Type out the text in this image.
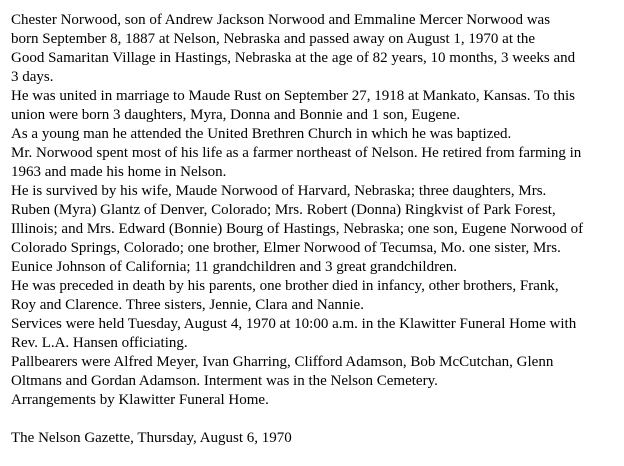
Chester Norwood, son of Andrew Jackson Norwood and Emmaline Mercer Norwood was
born September 8, 1887 at Nelson, Nebraska and passed away on August 1, 1970 at the
Good Samaritan Village in Hastings, Nebraska at the age of 82 years, 10 months, 3 weeks and
3 days.
He was united in marriage to Maude Rust on September 27, 1918 at Mankato, Kansas. To this
union were born 3 daughters, Myra, Donna and Bonnie and 1 son, Eugene.
As a young man he attended the United Brethren Church in which he was baptized.
Mr. Norwood spent most of his life as a farmer northeast of Nelson. He retired from farming in
1963 and made his home in Nelson.
He is survived by his wife, Maude Norwood of Harvard, Nebraska; three daughters, Mrs.
Ruben (Myra) Glantz of Denver, Colorado; Mrs. Robert (Donna) Ringkvist of Park Forest,
Illinois; and Mrs. Edward (Bonnie) Bourg of Hastings, Nebraska; one son, Eugene Norwood of
Colorado Springs, Colorado; one brother, Elmer Norwood of Tecumsa, Mo. one sister, Mrs.
Eunice Johnson of California; 11 grandchildren and 3 great grandchildren.
He was preceded in death by his parents, one brother died in infancy, other brothers, Frank,
Roy and Clarence. Three sisters, Jennie, Clara and Nannie.
Services were held Tuesday, August 4, 1970 at 10:00 a.m. in the Klawitter Funeral Home with
Rev. L.A. Hansen officiating.
Pallbearers were Alfred Meyer, Ivan Gharring, Clifford Adamson, Bob McCutchan, Glenn
Oltmans and Gordan Adamson. Interment was in the Nelson Cemetery.
Arrangements by Klawitter Funeral Home.
The Nelson Gazette, Thursday, August 6, 1970
